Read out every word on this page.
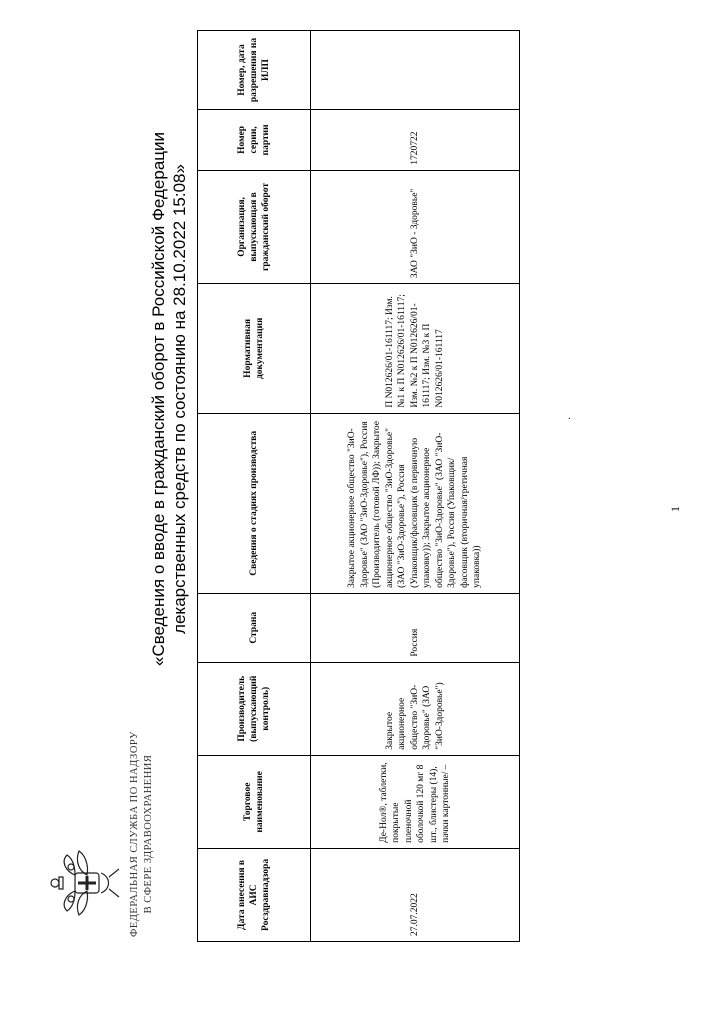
ФЕДЕРАЛЬНАЯ СЛУЖБА ПО НАДЗОРУ В СФЕРЕ ЗДРАВООХРАНЕНИЯ
«Сведения о вводе в гражданский оборот в Российской Федерации лекарственных средств по состоянию на 28.10.2022 15:08»
Дата внесения в АИС Росздравнадзора	Торговое наименование	Производитель (выпускающий контроль)	Страна	Сведения о стадиях производства	Нормативная документация	Организация, выпускающая в гражданский оборот	Номер серии, партии	Номер, дата разрешения на ИЛП
27.07.2022	Де-Нол®, таблетки, покрытые пленочной оболочкой 120 мг 8 шт., блистеры (14), пачки картонные/ –	Закрытое акционерное общество "ЗиО-Здоровье" (ЗАО "ЗиО-Здоровье")	Россия	Закрытое акционерное общество "ЗиО-Здоровье" (ЗАО "ЗиО-Здоровье"), Россия (Производитель (готовой ЛФ)); Закрытое акционерное общество "ЗиО-Здоровье" (ЗАО "ЗиО-Здоровье"), Россия (Упаковщик/фасовщик (в первичную упаковку)); Закрытое акционерное общество "ЗиО-Здоровье" (ЗАО "ЗиО-Здоровье"), Россия (Упаковщик/фасовщик (вторичная/третичная упаковка))	П N012626/01-161117; Изм. №1 к П N012626/01-161117; Изм. №2 к П N012626/01-161117; Изм. №3 к П N012626/01-161117	ЗАО "ЗиО - Здоровье"	1720722	
·
1
